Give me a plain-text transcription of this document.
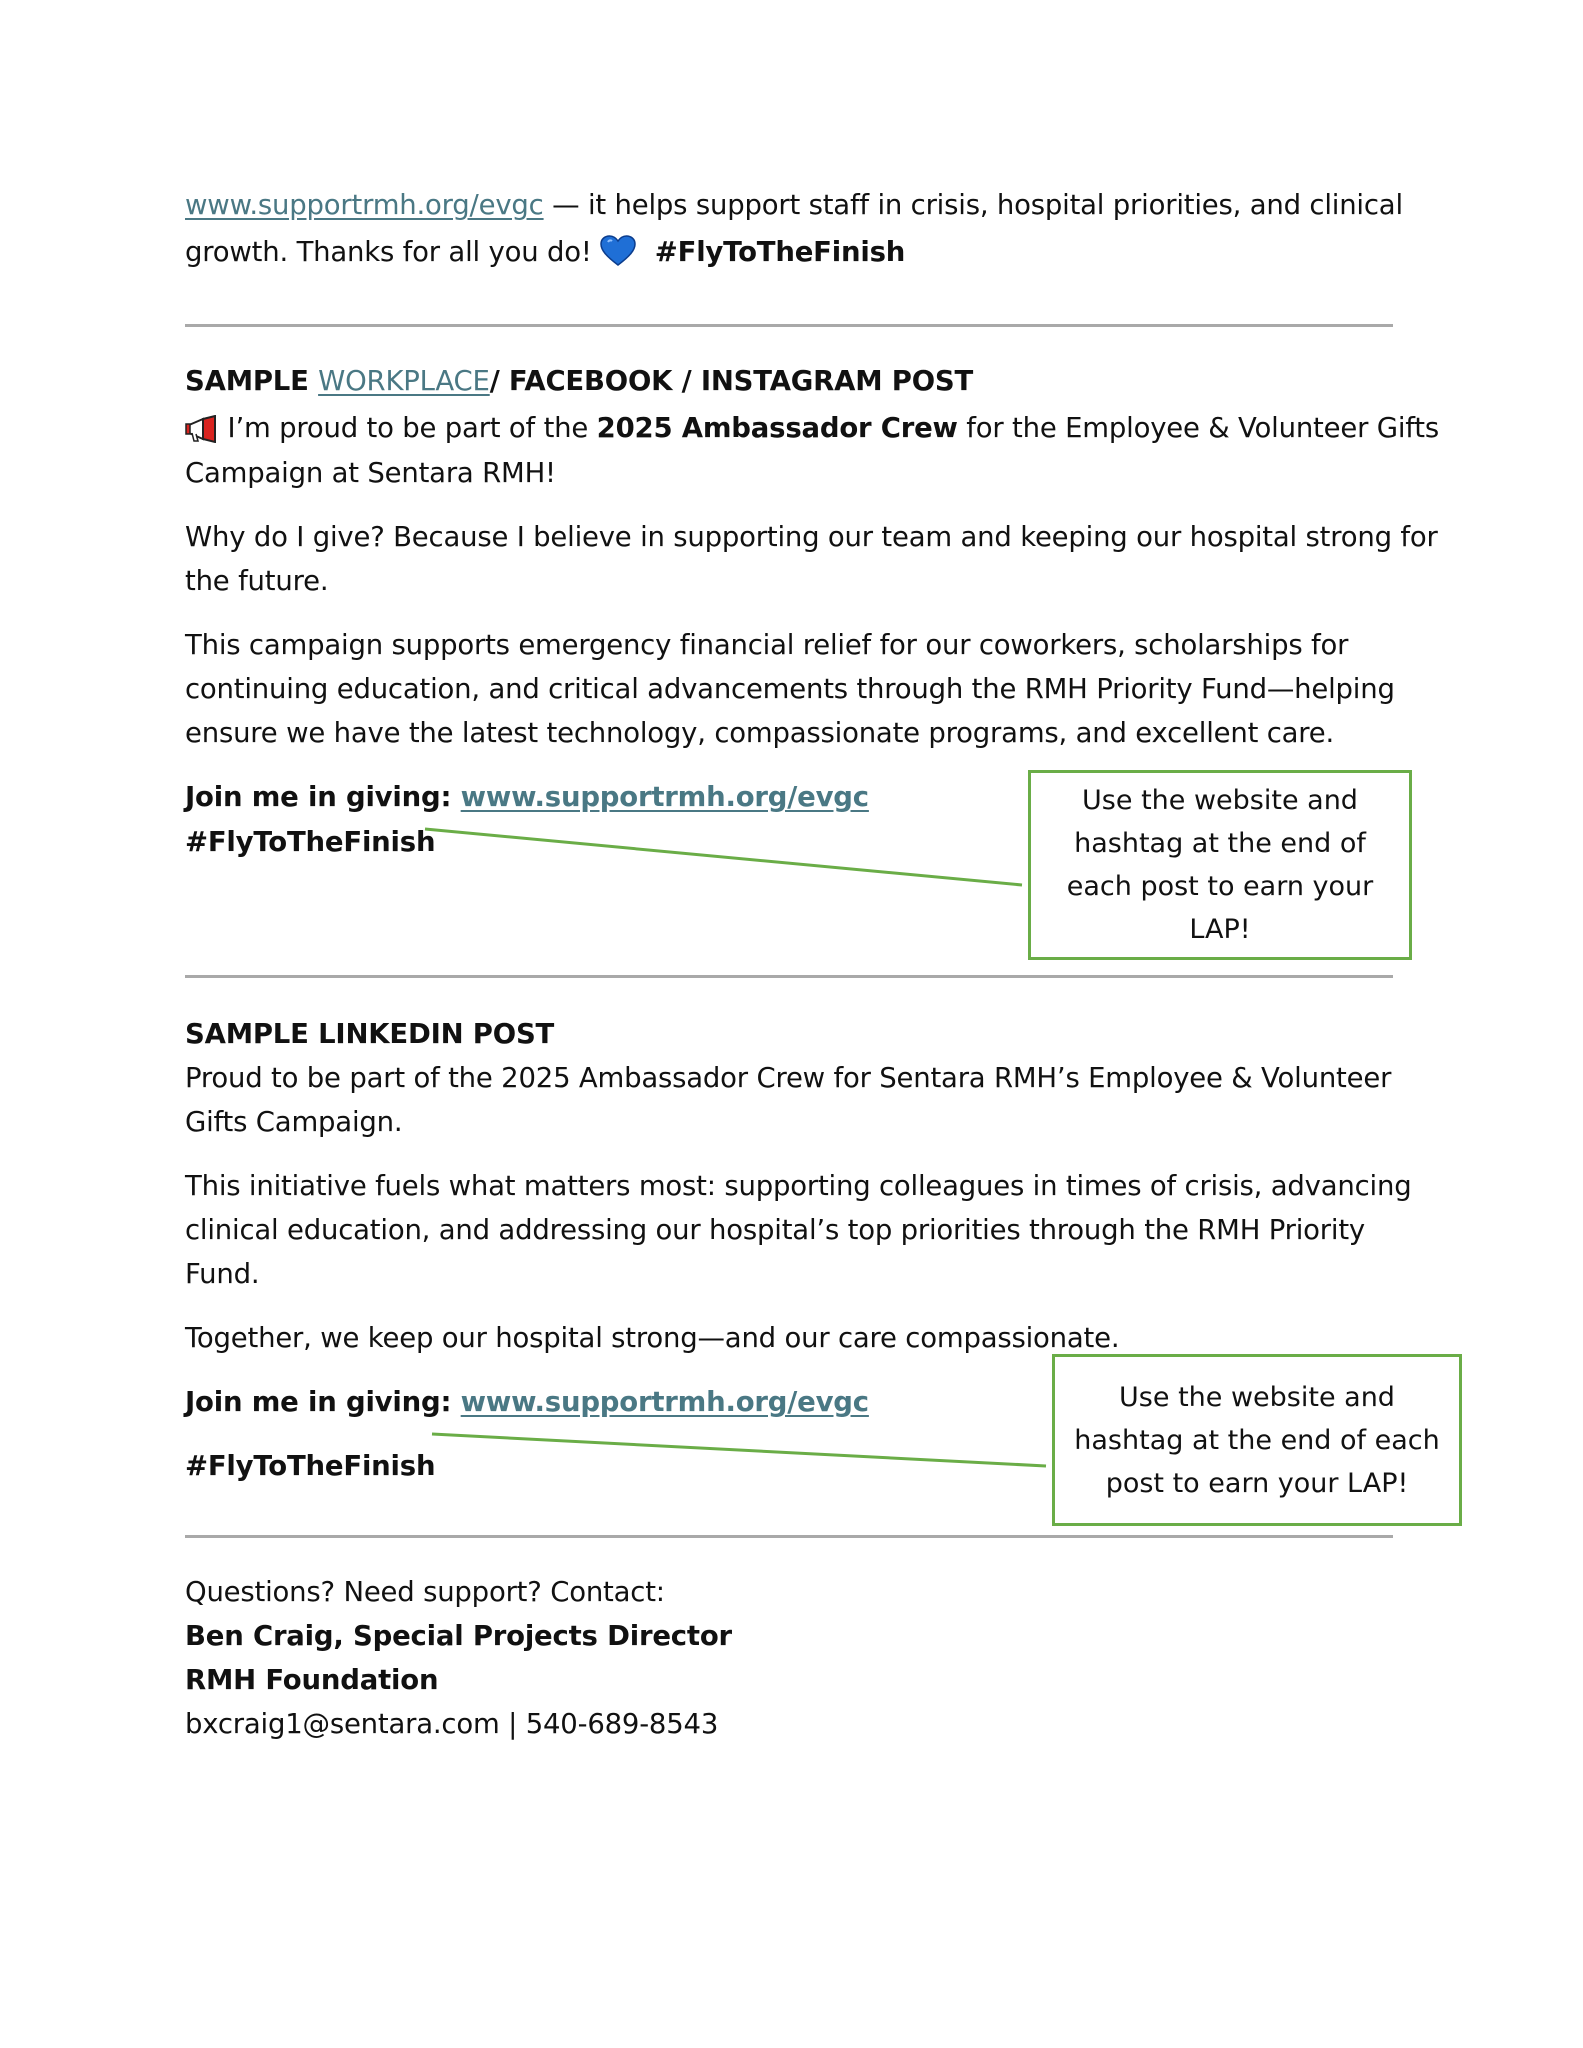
www.supportrmh.org/evgc — it helps support staff in crisis, hospital priorities, and clinical
growth. Thanks for all you do! #FlyToTheFinish
SAMPLE WORKPLACE/ FACEBOOK / INSTAGRAM POST
I’m proud to be part of the 2025 Ambassador Crew for the Employee & Volunteer Gifts
Campaign at Sentara RMH!
Why do I give? Because I believe in supporting our team and keeping our hospital strong for
the future.
This campaign supports emergency financial relief for our coworkers, scholarships for
continuing education, and critical advancements through the RMH Priority Fund—helping
ensure we have the latest technology, compassionate programs, and excellent care.
Join me in giving: www.supportrmh.org/evgc
#FlyToTheFinish
Use the website and
hashtag at the end of
each post to earn your
LAP!
SAMPLE LINKEDIN POST
Proud to be part of the 2025 Ambassador Crew for Sentara RMH’s Employee & Volunteer
Gifts Campaign.
This initiative fuels what matters most: supporting colleagues in times of crisis, advancing
clinical education, and addressing our hospital’s top priorities through the RMH Priority
Fund.
Together, we keep our hospital strong—and our care compassionate.
Join me in giving: www.supportrmh.org/evgc
#FlyToTheFinish
Use the website and
hashtag at the end of each
post to earn your LAP!
Questions? Need support? Contact:
Ben Craig, Special Projects Director
RMH Foundation
bxcraig1@sentara.com | 540-689-8543
